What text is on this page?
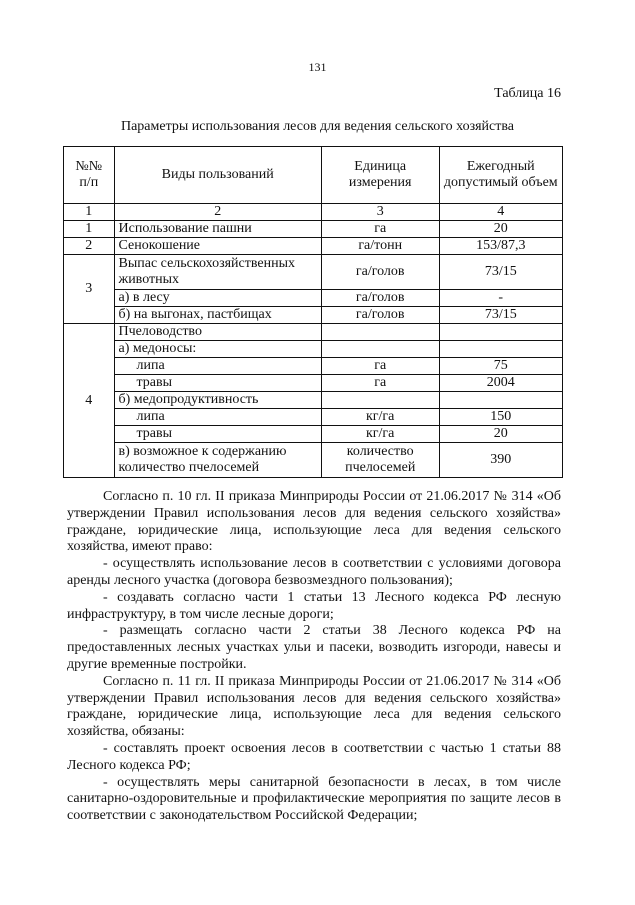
131
Таблица 16
Параметры использования лесов для ведения сельского хозяйства
№№ п/п	Виды пользований	Единица измерения	Ежегодный допустимый объем
1	2	3	4
1	Использование пашни	га	20
2	Сенокошение	га/тонн	153/87,3
3	Выпас сельскохозяйственных животных	га/голов	73/15
	а) в лесу	га/голов	-
	б) на выгонах, пастбищах	га/голов	73/15
4	Пчеловодство		
	а) медоносы:		
	липа	га	75
	травы	га	2004
	б) медопродуктивность		
	липа	кг/га	150
	травы	кг/га	20
	в) возможное к содержанию количество пчелосемей	количество пчелосемей	390

Согласно п. 10 гл. II приказа Минприроды России от 21.06.2017 № 314 «Об утверждении Правил использования лесов для ведения сельского хозяйства» граждане, юридические лица, использующие леса для ведения сельского хозяйства, имеют право:

- осуществлять использование лесов в соответствии с условиями договора аренды лесного участка (договора безвозмездного пользования);

- создавать согласно части 1 статьи 13 Лесного кодекса РФ лесную инфраструктуру, в том числе лесные дороги;

- размещать согласно части 2 статьи 38 Лесного кодекса РФ на предоставленных лесных участках ульи и пасеки, возводить изгороди, навесы и другие временные постройки.

Согласно п. 11 гл. II приказа Минприроды России от 21.06.2017 № 314 «Об утверждении Правил использования лесов для ведения сельского хозяйства» граждане, юридические лица, использующие леса для ведения сельского хозяйства, обязаны:

- составлять проект освоения лесов в соответствии с частью 1 статьи 88 Лесного кодекса РФ;

- осуществлять меры санитарной безопасности в лесах, в том числе санитарно-оздоровительные и профилактические мероприятия по защите лесов в соответствии с законодательством Российской Федерации;
